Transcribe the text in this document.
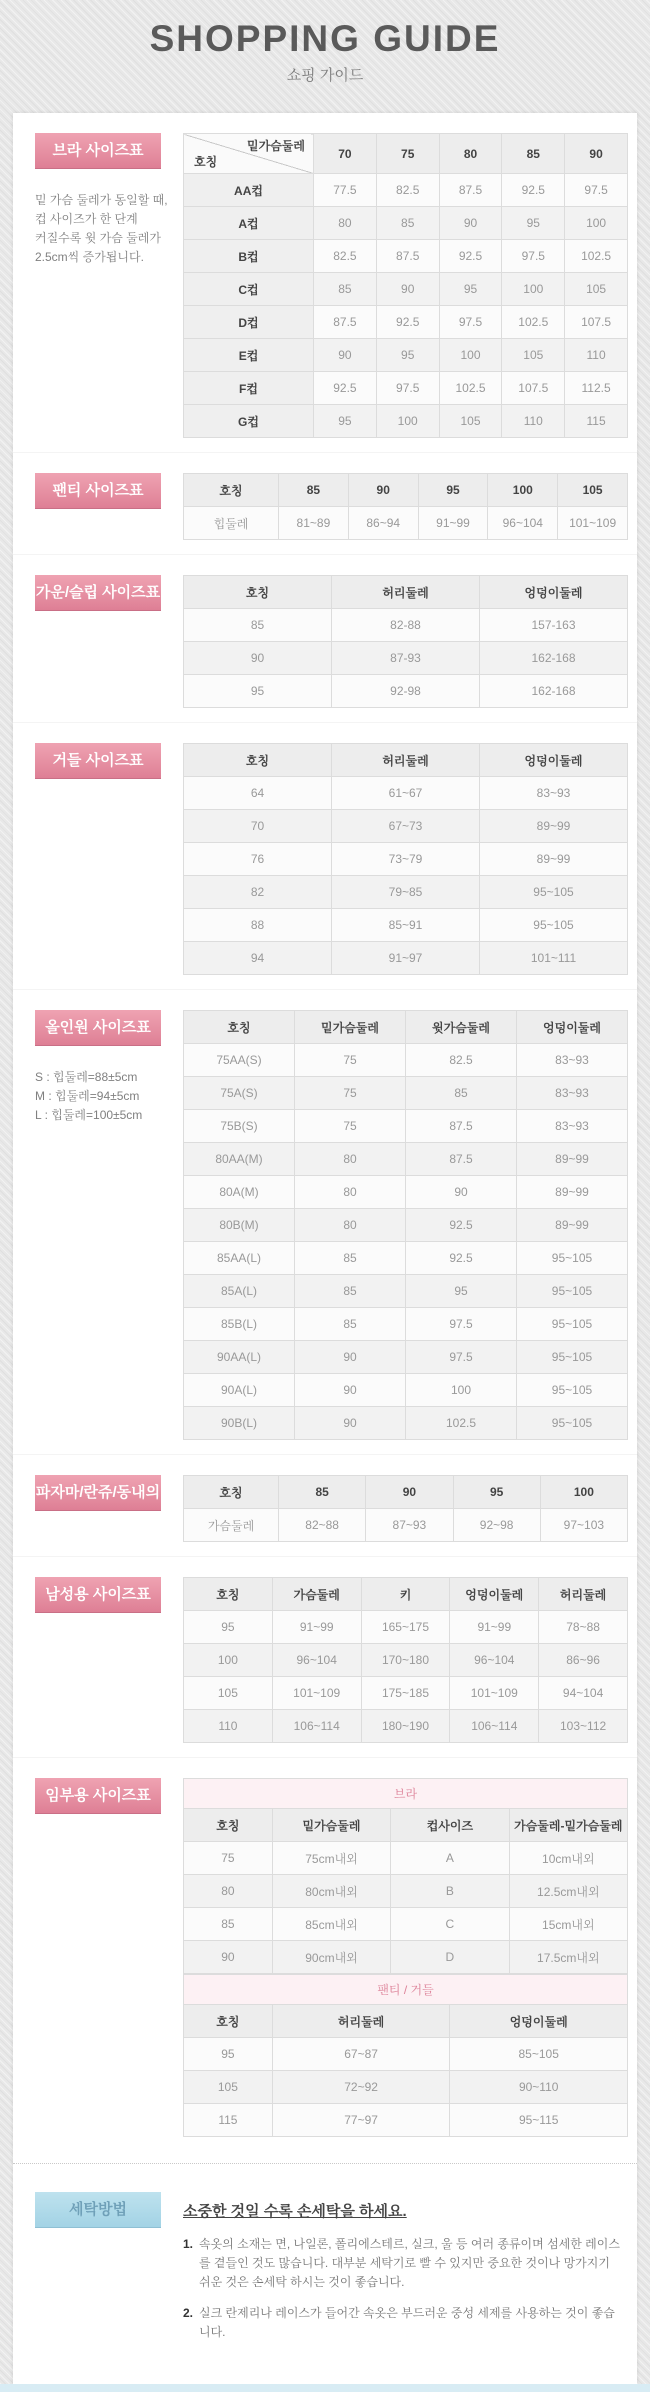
SHOPPING GUIDE
쇼핑 가이드
브라 사이즈표
밑 가슴 둘레가 동일할 때,
컵 사이즈가 한 단계
커질수록 윗 가슴 둘레가
2.5cm씩 증가됩니다.
밑가슴둘레
호칭	70	75	80	85	90
AA컵	77.5	82.5	87.5	92.5	97.5
A컵	80	85	90	95	100
B컵	82.5	87.5	92.5	97.5	102.5
C컵	85	90	95	100	105
D컵	87.5	92.5	97.5	102.5	107.5
E컵	90	95	100	105	110
F컵	92.5	97.5	102.5	107.5	112.5
G컵	95	100	105	110	115
팬티 사이즈표	호칭	85	90	95	100	105
힙둘레	81~89	86~94	91~99	96~104	101~109
가운/슬립 사이즈표	호칭	허리둘레	엉덩이둘레
85	82-88	157-163
90	87-93	162-168
95	92-98	162-168
거들 사이즈표	호칭	허리둘레	엉덩이둘레
64	61~67	83~93
70	67~73	89~99
76	73~79	89~99
82	79~85	95~105
88	85~91	95~105
94	91~97	101~111
올인원 사이즈표
S : 힙둘레=88±5cm
M : 힙둘레=94±5cm
L : 힙둘레=100±5cm
호칭	밑가슴둘레	윗가슴둘레	엉덩이둘레
75AA(S)	75	82.5	83~93
75A(S)	75	85	83~93
75B(S)	75	87.5	83~93
80AA(M)	80	87.5	89~99
80A(M)	80	90	89~99
80B(M)	80	92.5	89~99
85AA(L)	85	92.5	95~105
85A(L)	85	95	95~105
85B(L)	85	97.5	95~105
90AA(L)	90	97.5	95~105
90A(L)	90	100	95~105
90B(L)	90	102.5	95~105
파자마/란쥬/동내의	호칭	85	90	95	100
가슴둘레	82~88	87~93	92~98	97~103
남성용 사이즈표	호칭	가슴둘레	키	엉덩이둘레	허리둘레
95	91~99	165~175	91~99	78~88
100	96~104	170~180	96~104	86~96
105	101~109	175~185	101~109	94~104
110	106~114	180~190	106~114	103~112
임부용 사이즈표	브라			
호칭	밑가슴둘레	컵사이즈	가슴둘레-밑가슴둘레
75	75cm내외	A	10cm내외
80	80cm내외	B	12.5cm내외
85	85cm내외	C	15cm내외
90	90cm내외	D	17.5cm내외
팬티 / 거들		
호칭	허리둘레	엉덩이둘레
95	67~87	85~105
105	72~92	90~110
115	77~97	95~115
세탁방법	소중한 것일 수록 손세탁을 하세요.
1. 속옷의 소재는 면, 나일론, 폴리에스테르, 실크, 울 등 여러 종류이며 섬세한 레이스를 곁들인 것도 많습니다. 대부분 세탁기로 빨 수 있지만 중요한 것이나 망가지기 쉬운 것은 손세탁 하시는 것이 좋습니다.
2. 실크 란제리나 레이스가 들어간 속옷은 부드러운 중성 세제를 사용하는 것이 좋습니다.
